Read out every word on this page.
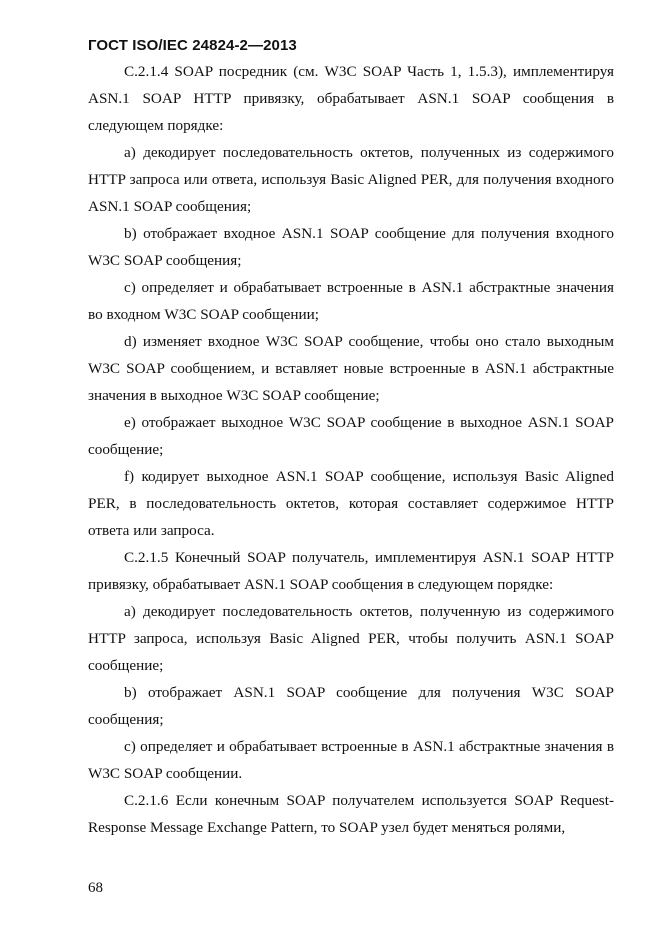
ГОСТ ISO/IEC 24824-2—2013

С.2.1.4 SOAP посредник (см. W3C SOAP Часть 1, 1.5.3), имплементируя ASN.1 SOAP HTTP привязку, обрабатывает ASN.1 SOAP сообщения в следующем порядке:

a) декодирует последовательность октетов, полученных из содержимого HTTP запроса или ответа, используя Basic Aligned PER, для получения входного ASN.1 SOAP сообщения;

b) отображает входное ASN.1 SOAP сообщение для получения входного W3C SOAP сообщения;

c) определяет и обрабатывает встроенные в ASN.1 абстрактные значения во входном W3C SOAP сообщении;

d) изменяет входное W3C SOAP сообщение, чтобы оно стало выходным W3C SOAP сообщением, и вставляет новые встроенные в ASN.1 абстрактные значения в выходное W3C SOAP сообщение;

e) отображает выходное W3C SOAP сообщение в выходное ASN.1 SOAP сообщение;

f) кодирует выходное ASN.1 SOAP сообщение, используя Basic Aligned PER, в последовательность октетов, которая составляет содержимое HTTP ответа или запроса.

С.2.1.5 Конечный SOAP получатель, имплементируя ASN.1 SOAP HTTP привязку, обрабатывает ASN.1 SOAP сообщения в следующем порядке:

a) декодирует последовательность октетов, полученную из содержимого HTTP запроса, используя Basic Aligned PER, чтобы получить ASN.1 SOAP сообщение;

b) отображает ASN.1 SOAP сообщение для получения W3C SOAP сообщения;

c) определяет и обрабатывает встроенные в ASN.1 абстрактные значения в W3C SOAP сообщении.

С.2.1.6 Если конечным SOAP получателем используется SOAP Request-Response Message Exchange Pattern, то SOAP узел будет меняться ролями,

68
